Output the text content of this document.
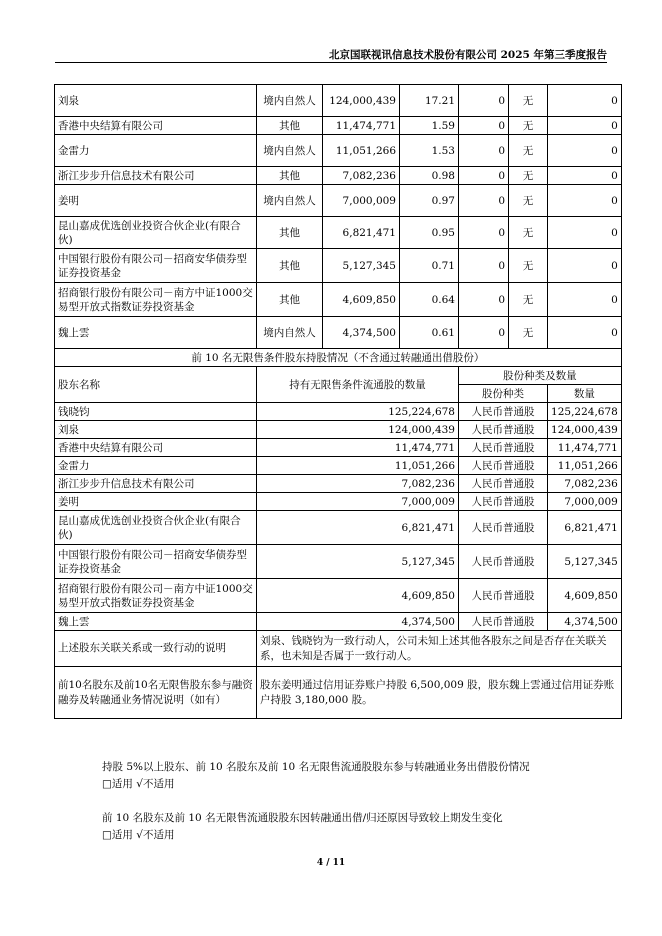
北京国联视讯信息技术股份有限公司 2025 年第三季度报告
刘泉	境内自然人	124,000,439	17.21	0	无	0
香港中央结算有限公司	其他	11,474,771	1.59	0	无	0
金雷力	境内自然人	11,051,266	1.53	0	无	0
浙江步步升信息技术有限公司	其他	7,082,236	0.98	0	无	0
姜明	境内自然人	7,000,009	0.97	0	无	0
昆山嘉成优选创业投资合伙企业(有限合伙)	其他	6,821,471	0.95	0	无	0
中国银行股份有限公司－招商安华债券型证券投资基金	其他	5,127,345	0.71	0	无	0
招商银行股份有限公司－南方中证1000交易型开放式指数证券投资基金	其他	4,609,850	0.64	0	无	0
魏上雲	境内自然人	4,374,500	0.61	0	无	0
前 10 名无限售条件股东持股情况（不含通过转融通出借股份）						
股东名称	持有无限售条件流通股的数量			股份种类及数量		
				股份种类		数量
钱晓钧	125,224,678			人民币普通股		125,224,678
刘泉	124,000,439			人民币普通股		124,000,439
香港中央结算有限公司	11,474,771			人民币普通股		11,474,771
金雷力	11,051,266			人民币普通股		11,051,266
浙江步步升信息技术有限公司	7,082,236			人民币普通股		7,082,236
姜明	7,000,009			人民币普通股		7,000,009
昆山嘉成优选创业投资合伙企业(有限合伙)	6,821,471			人民币普通股		6,821,471
中国银行股份有限公司－招商安华债券型证券投资基金	5,127,345			人民币普通股		5,127,345
招商银行股份有限公司－南方中证1000交易型开放式指数证券投资基金	4,609,850			人民币普通股		4,609,850
魏上雲	4,374,500			人民币普通股		4,374,500
上述股东关联关系或一致行动的说明	刘泉、钱晓钧为一致行动人，公司未知上述其他各股东之间是否存在关联关系，也未知是否属于一致行动人。					
前10名股东及前10名无限售股东参与融资融券及转融通业务情况说明（如有）	股东姜明通过信用证券账户持股 6,500,009 股，股东魏上雲通过信用证券账户持股 3,180,000 股。					
持股 5%以上股东、前 10 名股东及前 10 名无限售流通股股东参与转融通业务出借股份情况
□适用 √不适用
前 10 名股东及前 10 名无限售流通股股东因转融通出借/归还原因导致较上期发生变化
□适用 √不适用
4 / 11
